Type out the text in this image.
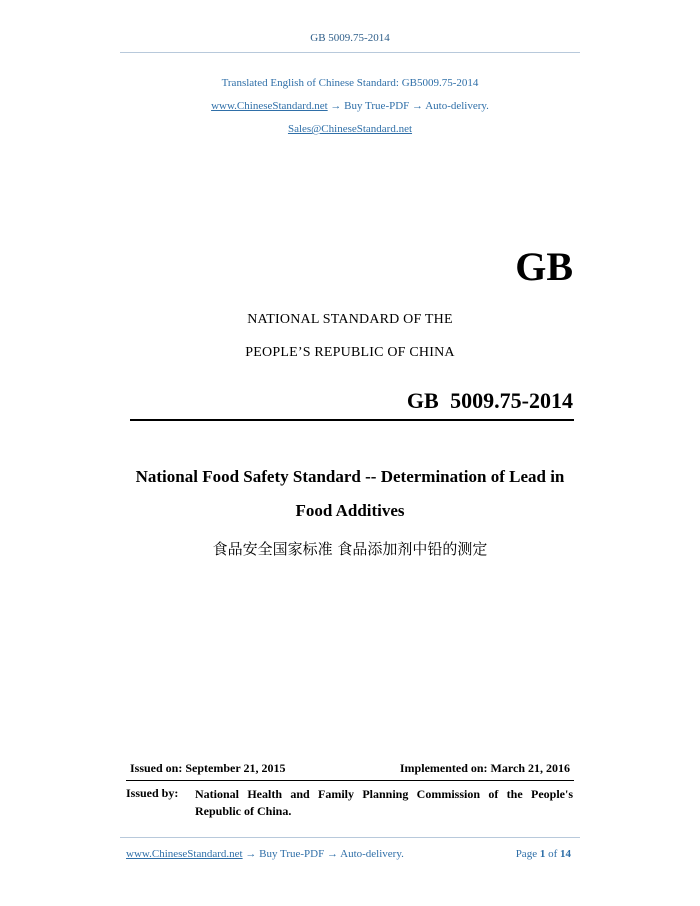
GB 5009.75-2014
Translated English of Chinese Standard: GB5009.75-2014
www.ChineseStandard.net → Buy True-PDF → Auto-delivery.
Sales@ChineseStandard.net
GB
NATIONAL STANDARD OF THE
PEOPLE’S REPUBLIC OF CHINA
GB 5009.75-2014
National Food Safety Standard -- Determination of Lead in
Food Additives
食品安全国家标准 食品添加剂中铅的测定
Issued on: September 21, 2015	Implemented on: March 21, 2016
Issued by: National Health and Family Planning Commission of the People's Republic of China.
www.ChineseStandard.net → Buy True-PDF → Auto-delivery.	Page 1 of 14
